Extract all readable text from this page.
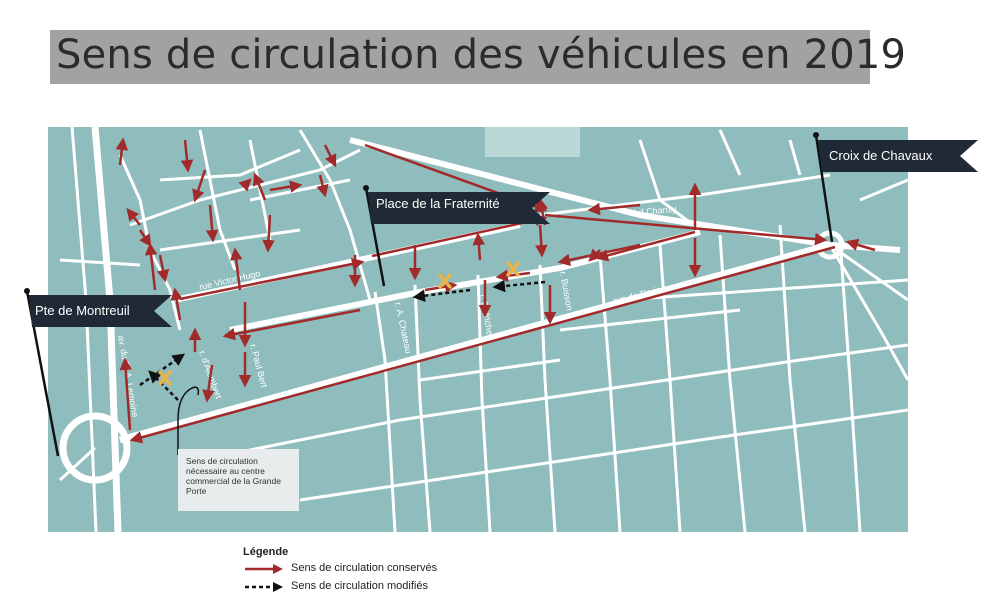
Sens de circulation des véhicules en 2019
rue Victor Hugo
bd Chanzy
rue de Paris
av. du Pr A. Lemoine	r. d'Alembert	r. Paul Bert
r. A. Chateau	r. Dufriche
r. Buisson
Place de la Fraternité
Croix de Chavaux
Pte de Montreuil
Sens de circulation nécessaire au centre commercial de la Grande Porte
Légende
Sens de circulation conservés
Sens de circulation modifiés
